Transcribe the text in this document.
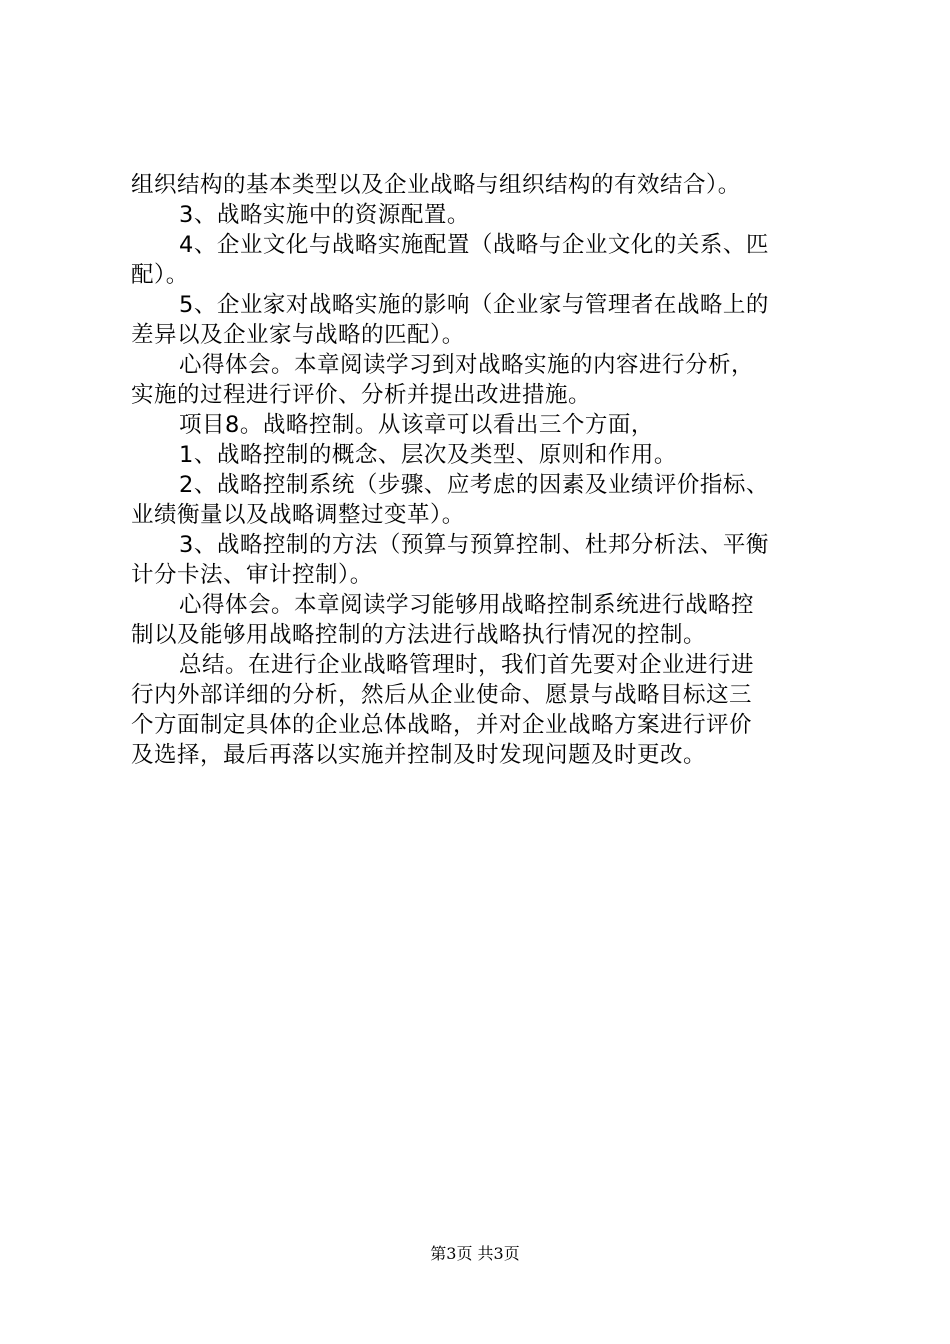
组织结构的基本类型以及企业战略与组织结构的有效结合）。
3、战略实施中的资源配置。
4、企业文化与战略实施配置（战略与企业文化的关系、匹
配）。
5、企业家对战略实施的影响（企业家与管理者在战略上的
差异以及企业家与战略的匹配）。
心得体会。本章阅读学习到对战略实施的内容进行分析，
实施的过程进行评价、分析并提出改进措施。
项目8。战略控制。从该章可以看出三个方面，
1、战略控制的概念、层次及类型、原则和作用。
2、战略控制系统（步骤、应考虑的因素及业绩评价指标、
业绩衡量以及战略调整过变革）。
3、战略控制的方法（预算与预算控制、杜邦分析法、平衡
计分卡法、审计控制）。
心得体会。本章阅读学习能够用战略控制系统进行战略控
制以及能够用战略控制的方法进行战略执行情况的控制。
总结。在进行企业战略管理时，我们首先要对企业进行进
行内外部详细的分析，然后从企业使命、愿景与战略目标这三
个方面制定具体的企业总体战略，并对企业战略方案进行评价
及选择，最后再落以实施并控制及时发现问题及时更改。
第3页 共3页
